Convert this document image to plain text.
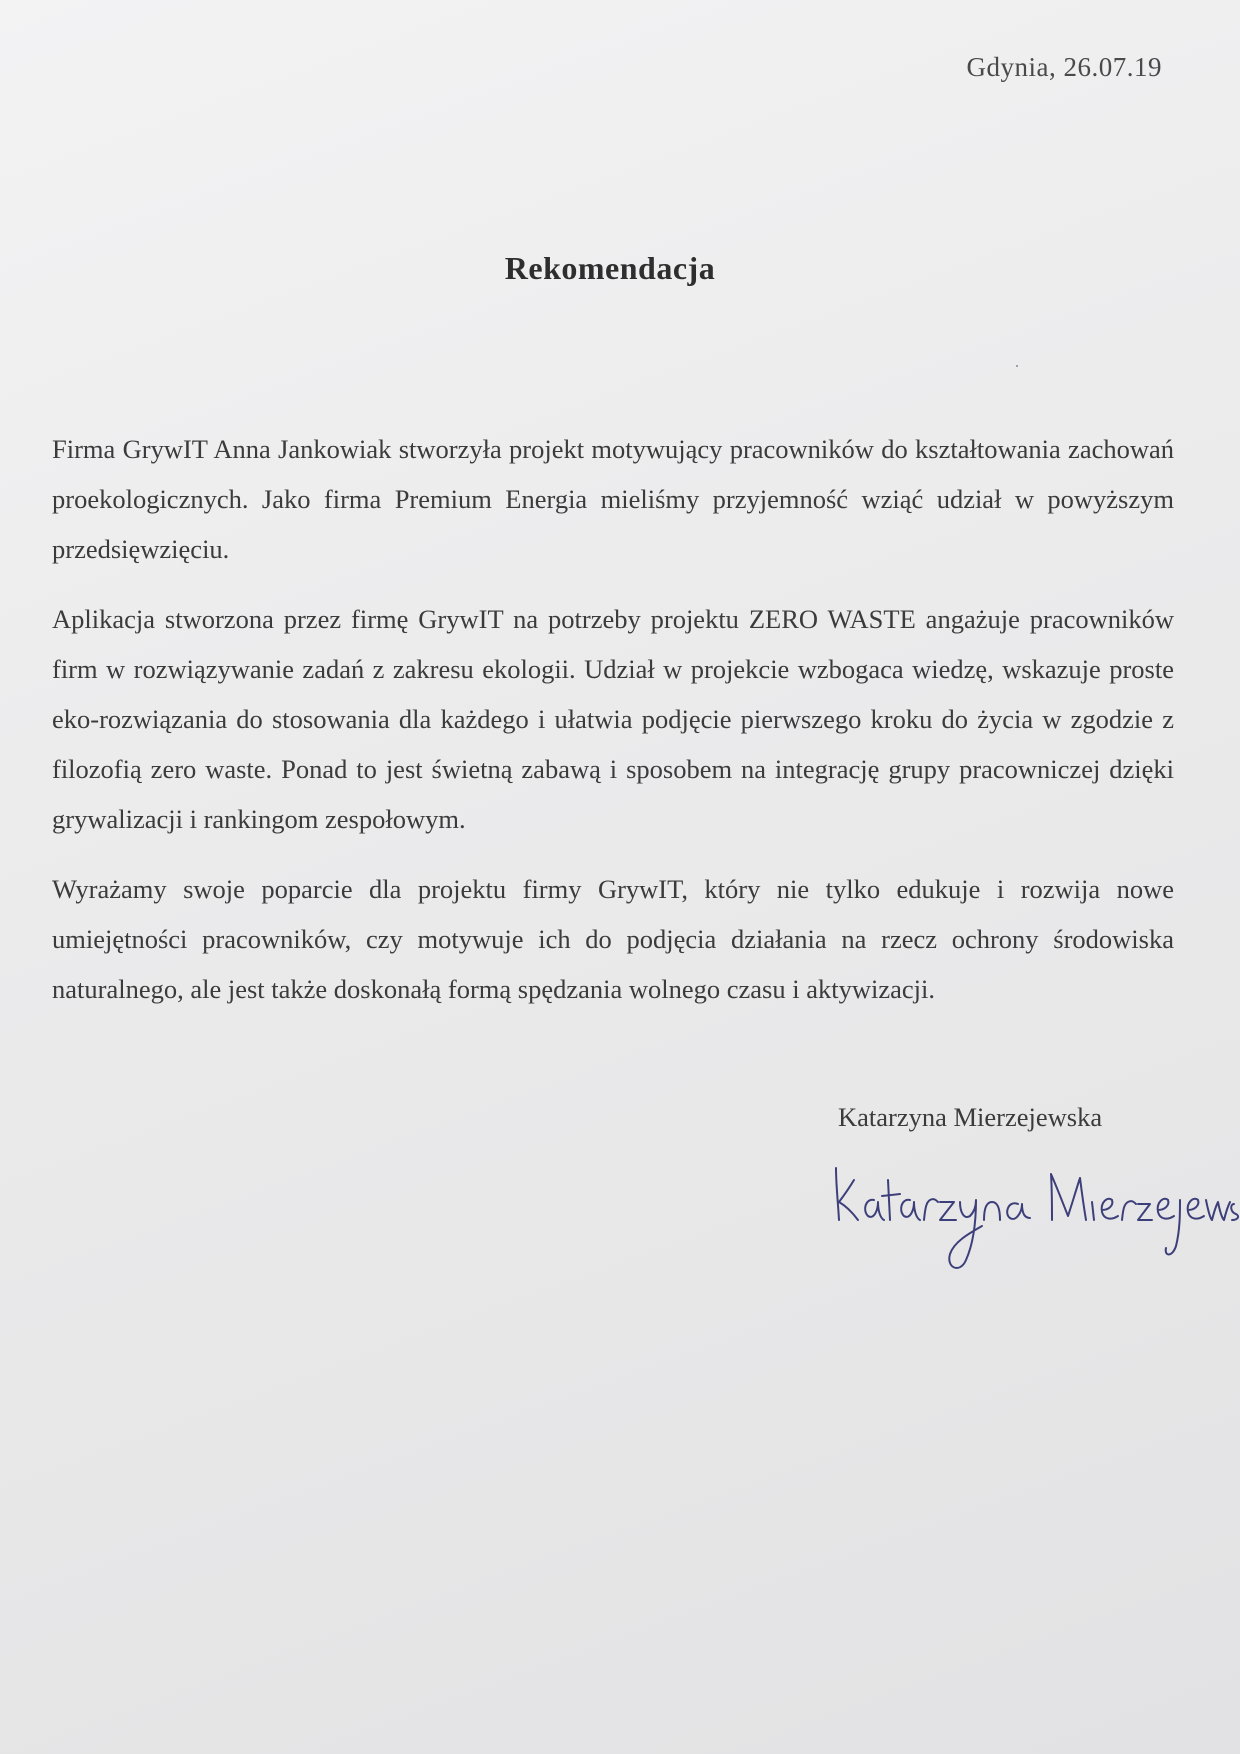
Gdynia, 26.07.19
Rekomendacja

Firma GrywIT Anna Jankowiak stworzyła projekt motywujący pracowników do kształtowania zachowań proekologicznych. Jako firma Premium Energia mieliśmy przyjemność wziąć udział w powyższym przedsięwzięciu.

Aplikacja stworzona przez firmę GrywIT na potrzeby projektu ZERO WASTE angażuje pracowników firm w rozwiązywanie zadań z zakresu ekologii. Udział w projekcie wzbogaca wiedzę, wskazuje proste eko-rozwiązania do stosowania dla każdego i ułatwia podjęcie pierwszego kroku do życia w zgodzie z filozofią zero waste. Ponad to jest świetną zabawą i sposobem na integrację grupy pracowniczej dzięki grywalizacji i rankingom zespołowym.

Wyrażamy swoje poparcie dla projektu firmy GrywIT, który nie tylko edukuje i rozwija nowe umiejętności pracowników, czy motywuje ich do podjęcia działania na rzecz ochrony środowiska naturalnego, ale jest także doskonałą formą spędzania wolnego czasu i aktywizacji.

Katarzyna Mierzejewska
